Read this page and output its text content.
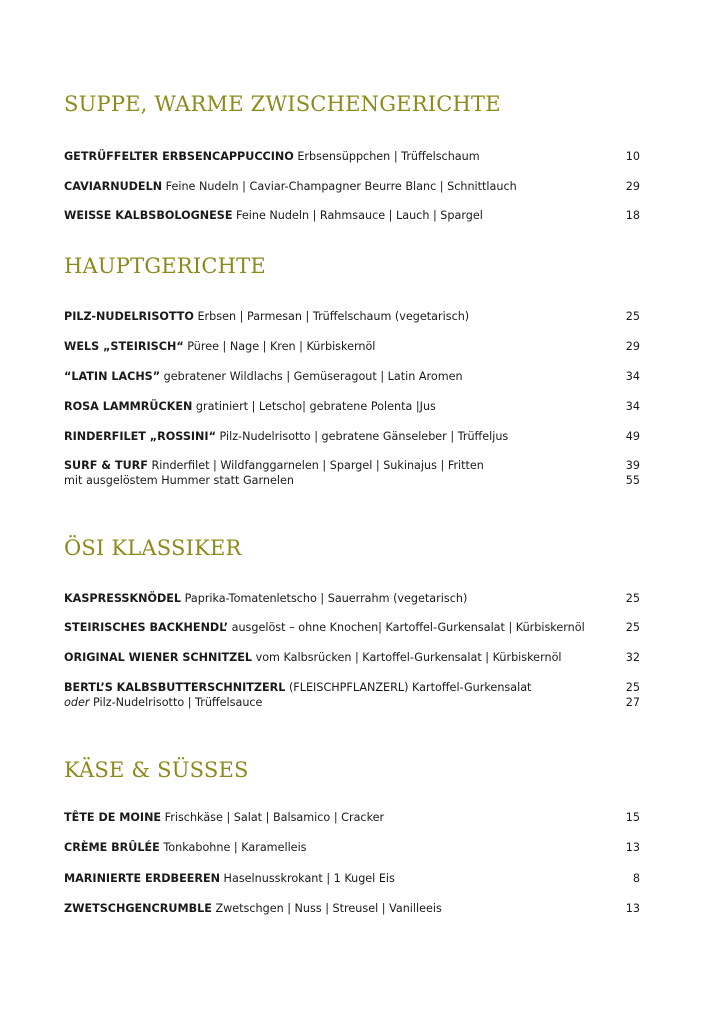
SUPPE, WARME ZWISCHENGERICHTE
GETRÜFFELTER ERBSENCAPPUCCINO Erbsensüppchen | Trüffelschaum	10
CAVIARNUDELN Feine Nudeln | Caviar-Champagner Beurre Blanc | Schnittlauch	29
WEISSE KALBSBOLOGNESE Feine Nudeln | Rahmsauce | Lauch | Spargel	18
HAUPTGERICHTE
PILZ-NUDELRISOTTO Erbsen | Parmesan | Trüffelschaum (vegetarisch)	25
WELS „STEIRISCH“ Püree | Nage | Kren | Kürbiskernöl	29
“LATIN LACHS” gebratener Wildlachs | Gemüseragout | Latin Aromen	34
ROSA LAMMRÜCKEN gratiniert | Letscho| gebratene Polenta |Jus	34
RINDERFILET „ROSSINI“ Pilz-Nudelrisotto | gebratene Gänseleber | Trüffeljus	49
SURF & TURF Rinderfilet | Wildfanggarnelen | Spargel | Sukinajus | Fritten	39
mit ausgelöstem Hummer statt Garnelen	55
ÖSI KLASSIKER
KASPRESSKNÖDEL Paprika-Tomatenletscho | Sauerrahm (vegetarisch)	25
STEIRISCHES BACKHENDL’ ausgelöst – ohne Knochen| Kartoffel-Gurkensalat | Kürbiskernöl	25
ORIGINAL WIENER SCHNITZEL vom Kalbsrücken | Kartoffel-Gurkensalat | Kürbiskernöl	32
BERTL’S KALBSBUTTERSCHNITZERL (FLEISCHPFLANZERL) Kartoffel-Gurkensalat	25
oder Pilz-Nudelrisotto | Trüffelsauce	27
KÄSE & SÜSSES
TÊTE DE MOINE Frischkäse | Salat | Balsamico | Cracker	15
CRÈME BRÛLÉE Tonkabohne | Karamelleis	13
MARINIERTE ERDBEEREN Haselnusskrokant | 1 Kugel Eis	8
ZWETSCHGENCRUMBLE Zwetschgen | Nuss | Streusel | Vanilleeis	13
